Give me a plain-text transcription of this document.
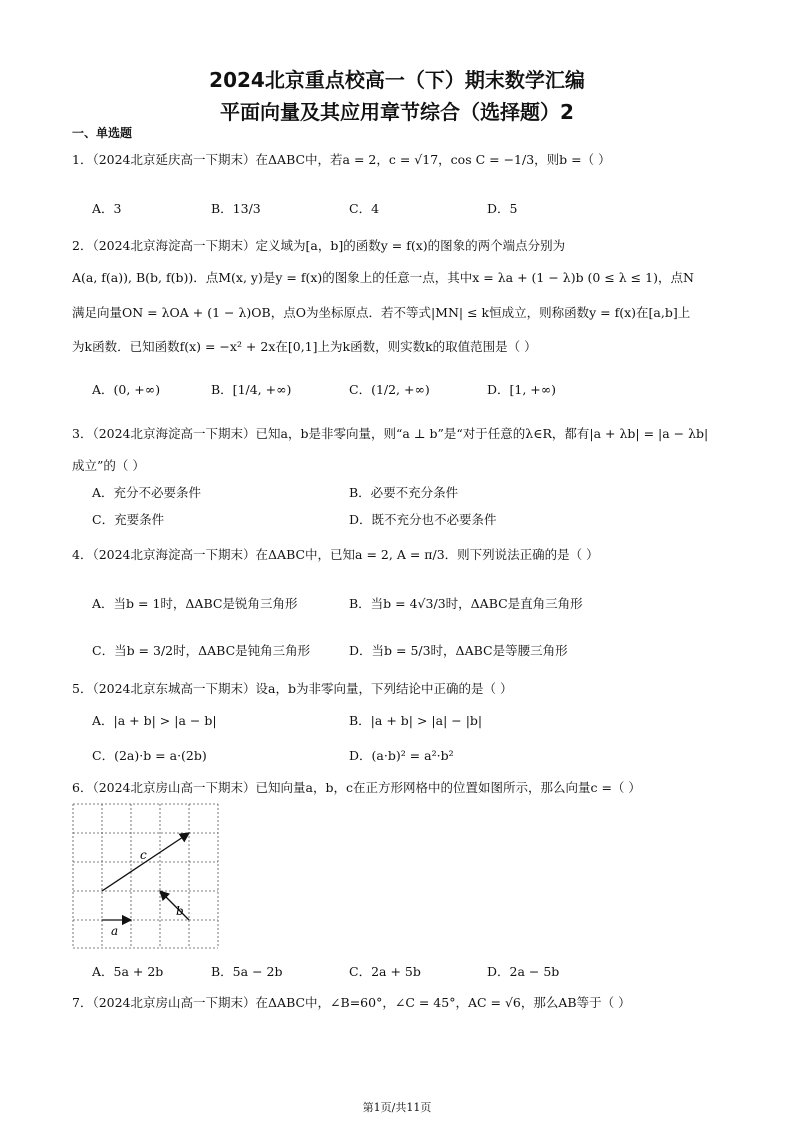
2024北京重点校高一（下）期末数学汇编
平面向量及其应用章节综合（选择题）2
一、单选题
1．（2024北京延庆高一下期末）在ΔABC中，若a = 2，c = √17，cos C = −1/3，则b =（ ）
A．3	B．13/3	C．4	D．5
2．（2024北京海淀高一下期末）定义域为[a，b]的函数y = f(x)的图象的两个端点分别为
A(a, f(a)), B(b, f(b))．点M(x, y)是y = f(x)的图象上的任意一点，其中x = λa + (1 − λ)b (0 ≤ λ ≤ 1)，点N
满足向量ON = λOA + (1 − λ)OB，点O为坐标原点．若不等式|MN| ≤ k恒成立，则称函数y = f(x)在[a,b]上
为k函数．已知函数f(x) = −x² + 2x在[0,1]上为k函数，则实数k的取值范围是（ ）
A．(0, +∞)	B．[1/4, +∞)	C．(1/2, +∞)	D．[1, +∞)
3．（2024北京海淀高一下期末）已知a，b是非零向量，则“a ⊥ b”是“对于任意的λ∈R，都有|a + λb| = |a − λb|
成立”的（ ）
A．充分不必要条件	B．必要不充分条件
C．充要条件	D．既不充分也不必要条件
4．（2024北京海淀高一下期末）在ΔABC中，已知a = 2, A = π/3．则下列说法正确的是（ ）
A．当b = 1时，ΔABC是锐角三角形	B．当b = 4√3/3时，ΔABC是直角三角形
C．当b = 3/2时，ΔABC是钝角三角形	D．当b = 5/3时，ΔABC是等腰三角形
5．（2024北京东城高一下期末）设a，b为非零向量，下列结论中正确的是（ ）
A．|a + b| > |a − b|	B．|a + b| > |a| − |b|
C．(2a)·b = a·(2b)	D．(a·b)² = a²·b²
6．（2024北京房山高一下期末）已知向量a，b，c在正方形网格中的位置如图所示，那么向量c =（ ）
c
b
a
A．5a + 2b	B．5a − 2b	C．2a + 5b	D．2a − 5b
7．（2024北京房山高一下期末）在ΔABC中，∠B=60°，∠C = 45°，AC = √6，那么AB等于（ ）
第1页/共11页
